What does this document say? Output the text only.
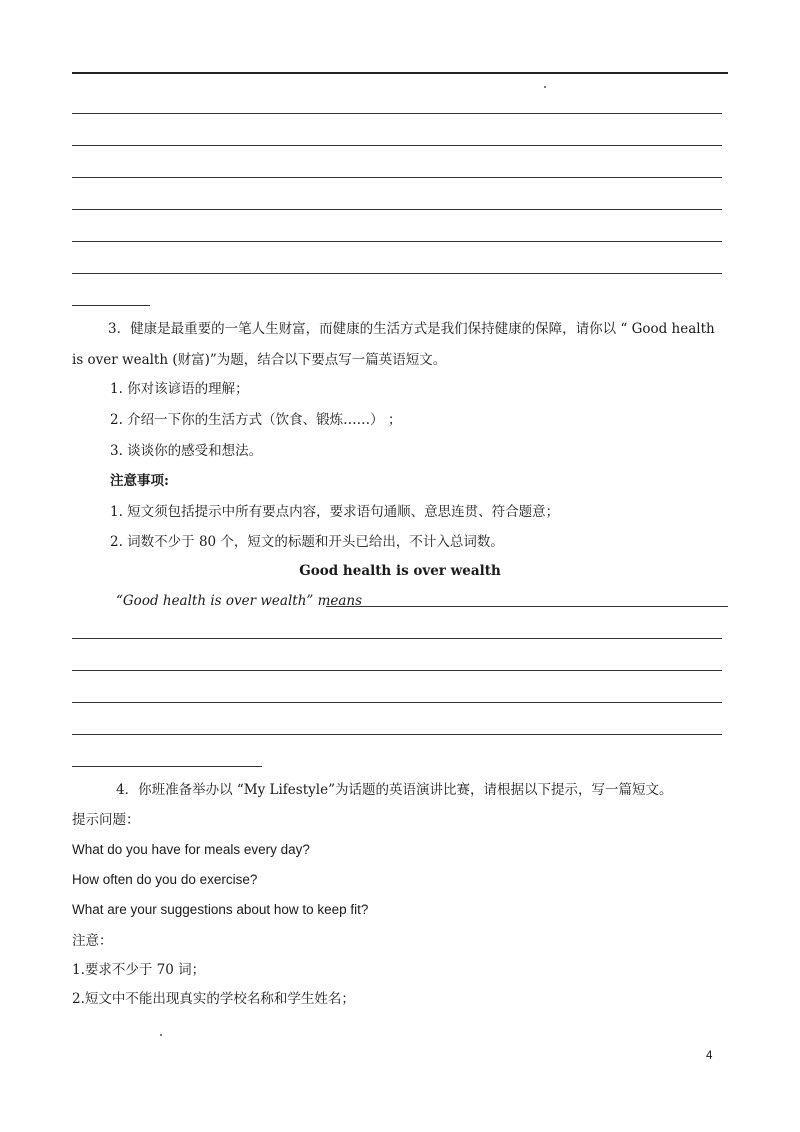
3．健康是最重要的一笔人生财富，而健康的生活方式是我们保持健康的保障，请你以 “ Good health
is over wealth (财富)”为题，结合以下要点写一篇英语短文。
1. 你对该谚语的理解；
2. 介绍一下你的生活方式（饮食、锻炼……） ；
3. 谈谈你的感受和想法。
注意事项:
1. 短文须包括提示中所有要点内容，要求语句通顺、意思连贯、符合题意；
2. 词数不少于 80 个，短文的标题和开头已给出，不计入总词数。
Good health is over wealth
“Good health is over wealth” means
4．你班准备举办以 “My Lifestyle”为话题的英语演讲比赛，请根据以下提示，写一篇短文。
提示问题：
What do you have for meals every day?
How often do you do exercise?
What are your suggestions about how to keep fit?
注意：
1.要求不少于 70 词；
2.短文中不能出现真实的学校名称和学生姓名；
4
